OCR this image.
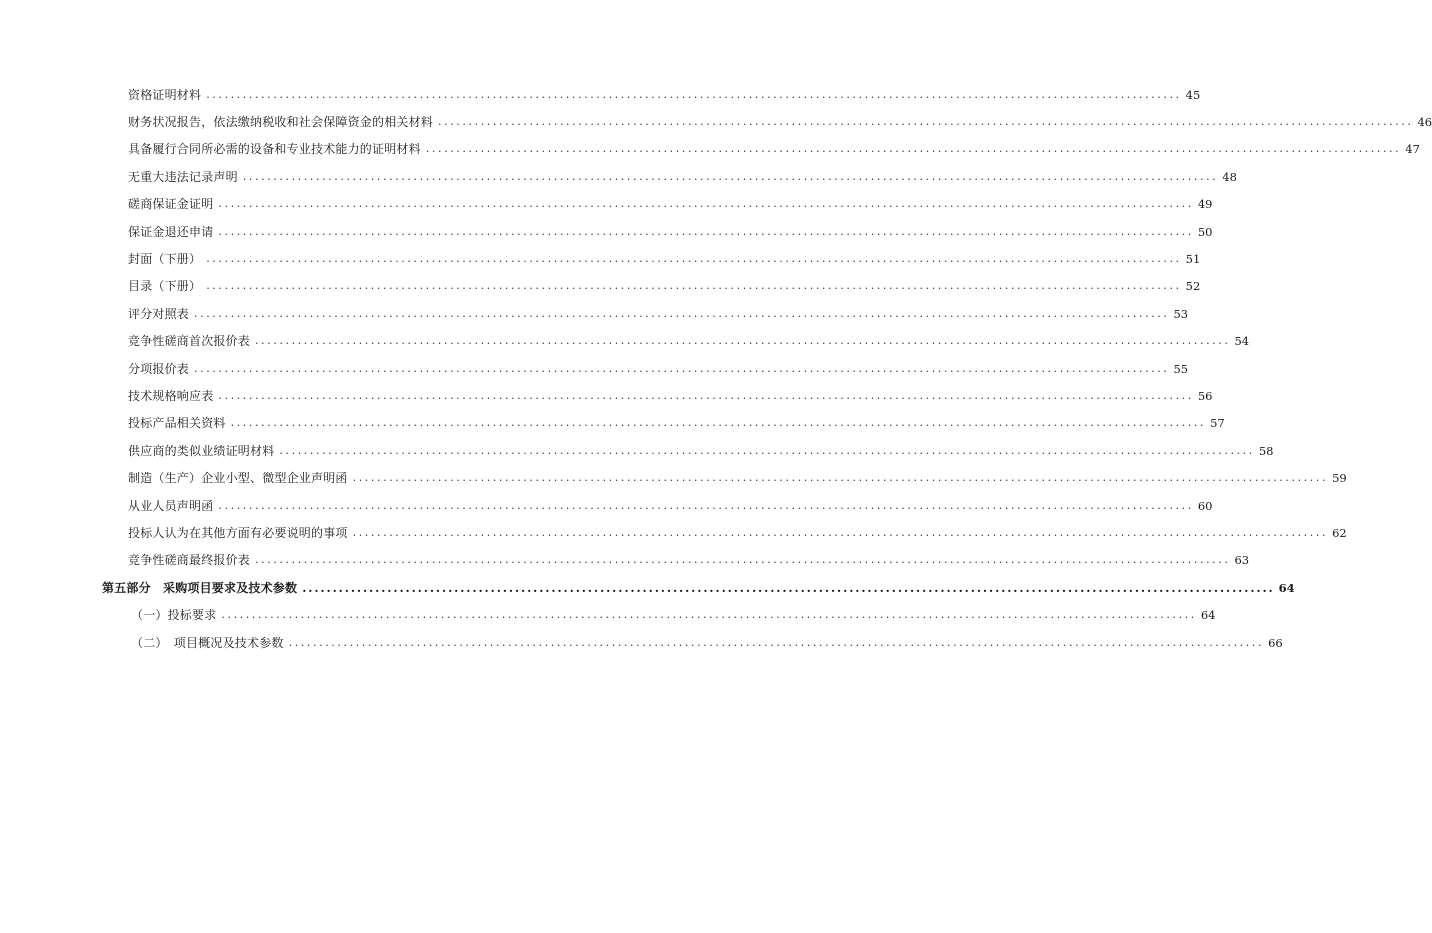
资格证明材料 ................................................................................................................................................................ 45
财务状况报告，依法缴纳税收和社会保障资金的相关材料 ................................................................................................................................................................ 46
具备履行合同所必需的设备和专业技术能力的证明材料 ................................................................................................................................................................ 47
无重大违法记录声明 ................................................................................................................................................................ 48
磋商保证金证明 ................................................................................................................................................................ 49
保证金退还申请 ................................................................................................................................................................ 50
封面（下册） ................................................................................................................................................................ 51
目录（下册） ................................................................................................................................................................ 52
评分对照表 ................................................................................................................................................................ 53
竞争性磋商首次报价表 ................................................................................................................................................................ 54
分项报价表 ................................................................................................................................................................ 55
技术规格响应表 ................................................................................................................................................................ 56
投标产品相关资料 ................................................................................................................................................................ 57
供应商的类似业绩证明材料 ................................................................................................................................................................ 58
制造（生产）企业小型、微型企业声明函 ................................................................................................................................................................ 59
从业人员声明函 ................................................................................................................................................................ 60
投标人认为在其他方面有必要说明的事项 ................................................................................................................................................................ 62
竞争性磋商最终报价表 ................................................................................................................................................................ 63
第五部分　采购项目要求及技术参数 ................................................................................................................................................................ 64
（一）投标要求 ................................................................................................................................................................ 64
（二）　项目概况及技术参数 ................................................................................................................................................................ 66
